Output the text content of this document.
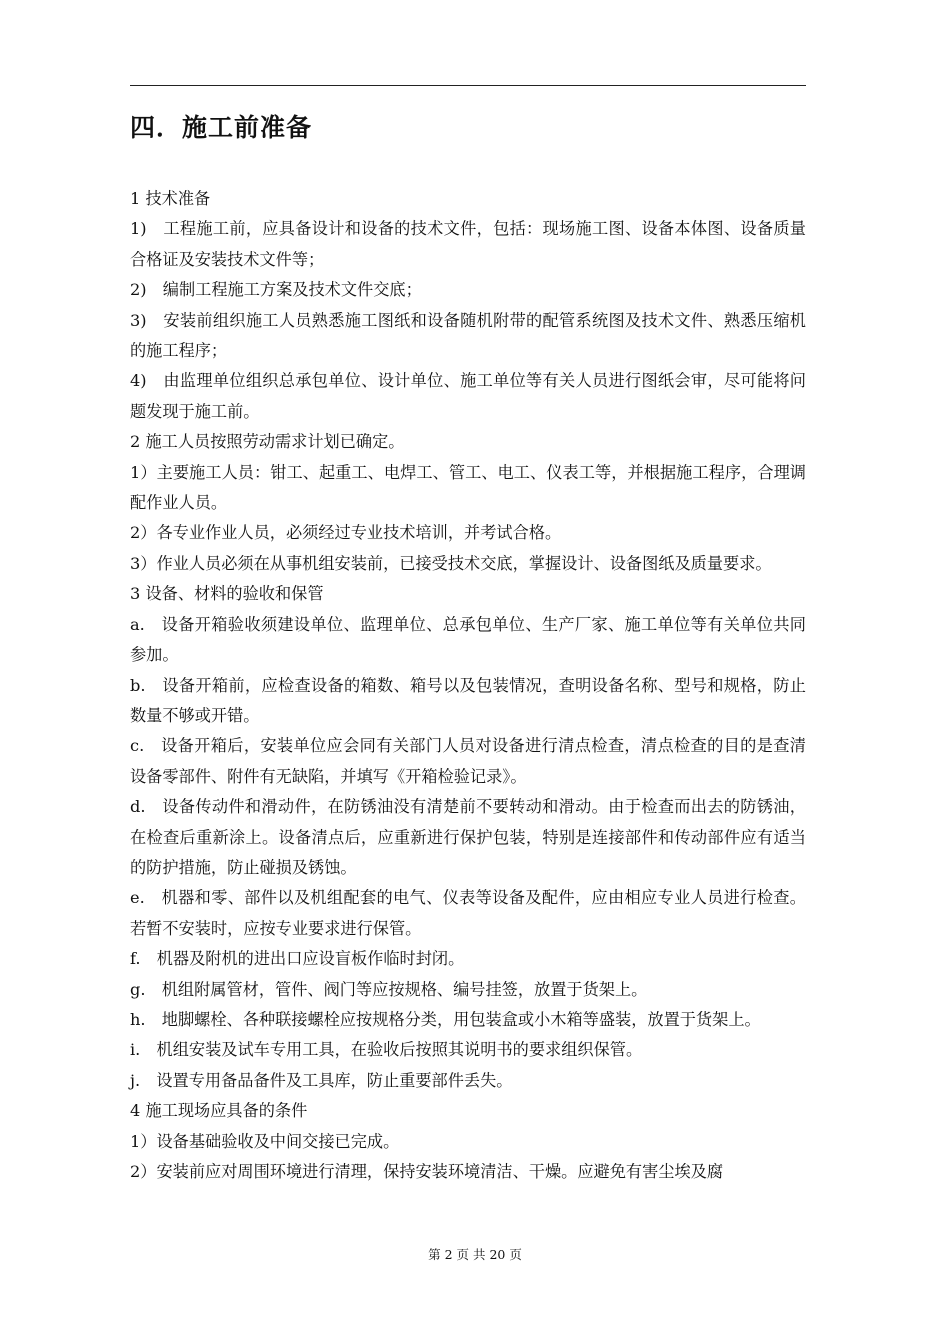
四．施工前准备

1 技术准备

1)　工程施工前，应具备设计和设备的技术文件，包括：现场施工图、设备本体图、设备质量合格证及安装技术文件等；

2)　编制工程施工方案及技术文件交底；

3)　安装前组织施工人员熟悉施工图纸和设备随机附带的配管系统图及技术文件、熟悉压缩机的施工程序；

4)　由监理单位组织总承包单位、设计单位、施工单位等有关人员进行图纸会审，尽可能将问题发现于施工前。

2 施工人员按照劳动需求计划已确定。

1）主要施工人员：钳工、起重工、电焊工、管工、电工、仪表工等，并根据施工程序，合理调配作业人员。

2）各专业作业人员，必须经过专业技术培训，并考试合格。

3）作业人员必须在从事机组安装前，已接受技术交底，掌握设计、设备图纸及质量要求。

3 设备、材料的验收和保管

a.　设备开箱验收须建设单位、监理单位、总承包单位、生产厂家、施工单位等有关单位共同参加。

b.　设备开箱前，应检查设备的箱数、箱号以及包装情况，查明设备名称、型号和规格，防止数量不够或开错。

c.　设备开箱后，安装单位应会同有关部门人员对设备进行清点检查，清点检查的目的是查清设备零部件、附件有无缺陷，并填写《开箱检验记录》。

d.　设备传动件和滑动件，在防锈油没有清楚前不要转动和滑动。由于检查而出去的防锈油，在检查后重新涂上。设备清点后，应重新进行保护包装，特别是连接部件和传动部件应有适当的防护措施，防止碰损及锈蚀。

e.　机器和零、部件以及机组配套的电气、仪表等设备及配件，应由相应专业人员进行检查。若暂不安装时，应按专业要求进行保管。

f.　机器及附机的进出口应设盲板作临时封闭。

g.　机组附属管材，管件、阀门等应按规格、编号挂签，放置于货架上。

h.　地脚螺栓、各种联接螺栓应按规格分类，用包装盒或小木箱等盛装，放置于货架上。

i.　机组安装及试车专用工具，在验收后按照其说明书的要求组织保管。

j.　设置专用备品备件及工具库，防止重要部件丢失。

4 施工现场应具备的条件

1）设备基础验收及中间交接已完成。

2）安装前应对周围环境进行清理，保持安装环境清洁、干燥。应避免有害尘埃及腐

第 2 页 共 20 页
